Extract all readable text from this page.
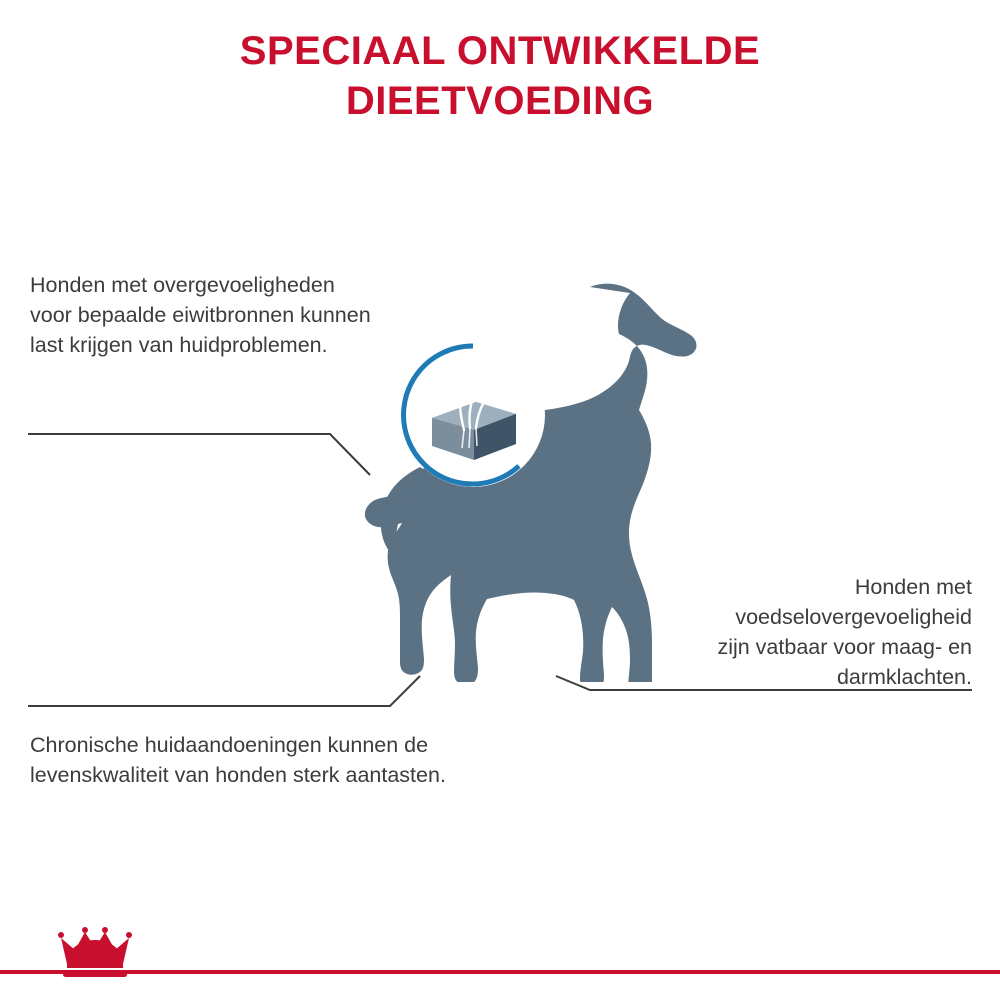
SPECIAAL ONTWIKKELDE
DIEETVOEDING
Honden met overgevoeligheden voor bepaalde eiwitbronnen kunnen last krijgen van huidproblemen.
Honden met voedselovergevoeligheid zijn vatbaar voor maag- en darmklachten.
Chronische huidaandoeningen kunnen de levenskwaliteit van honden sterk aantasten.
